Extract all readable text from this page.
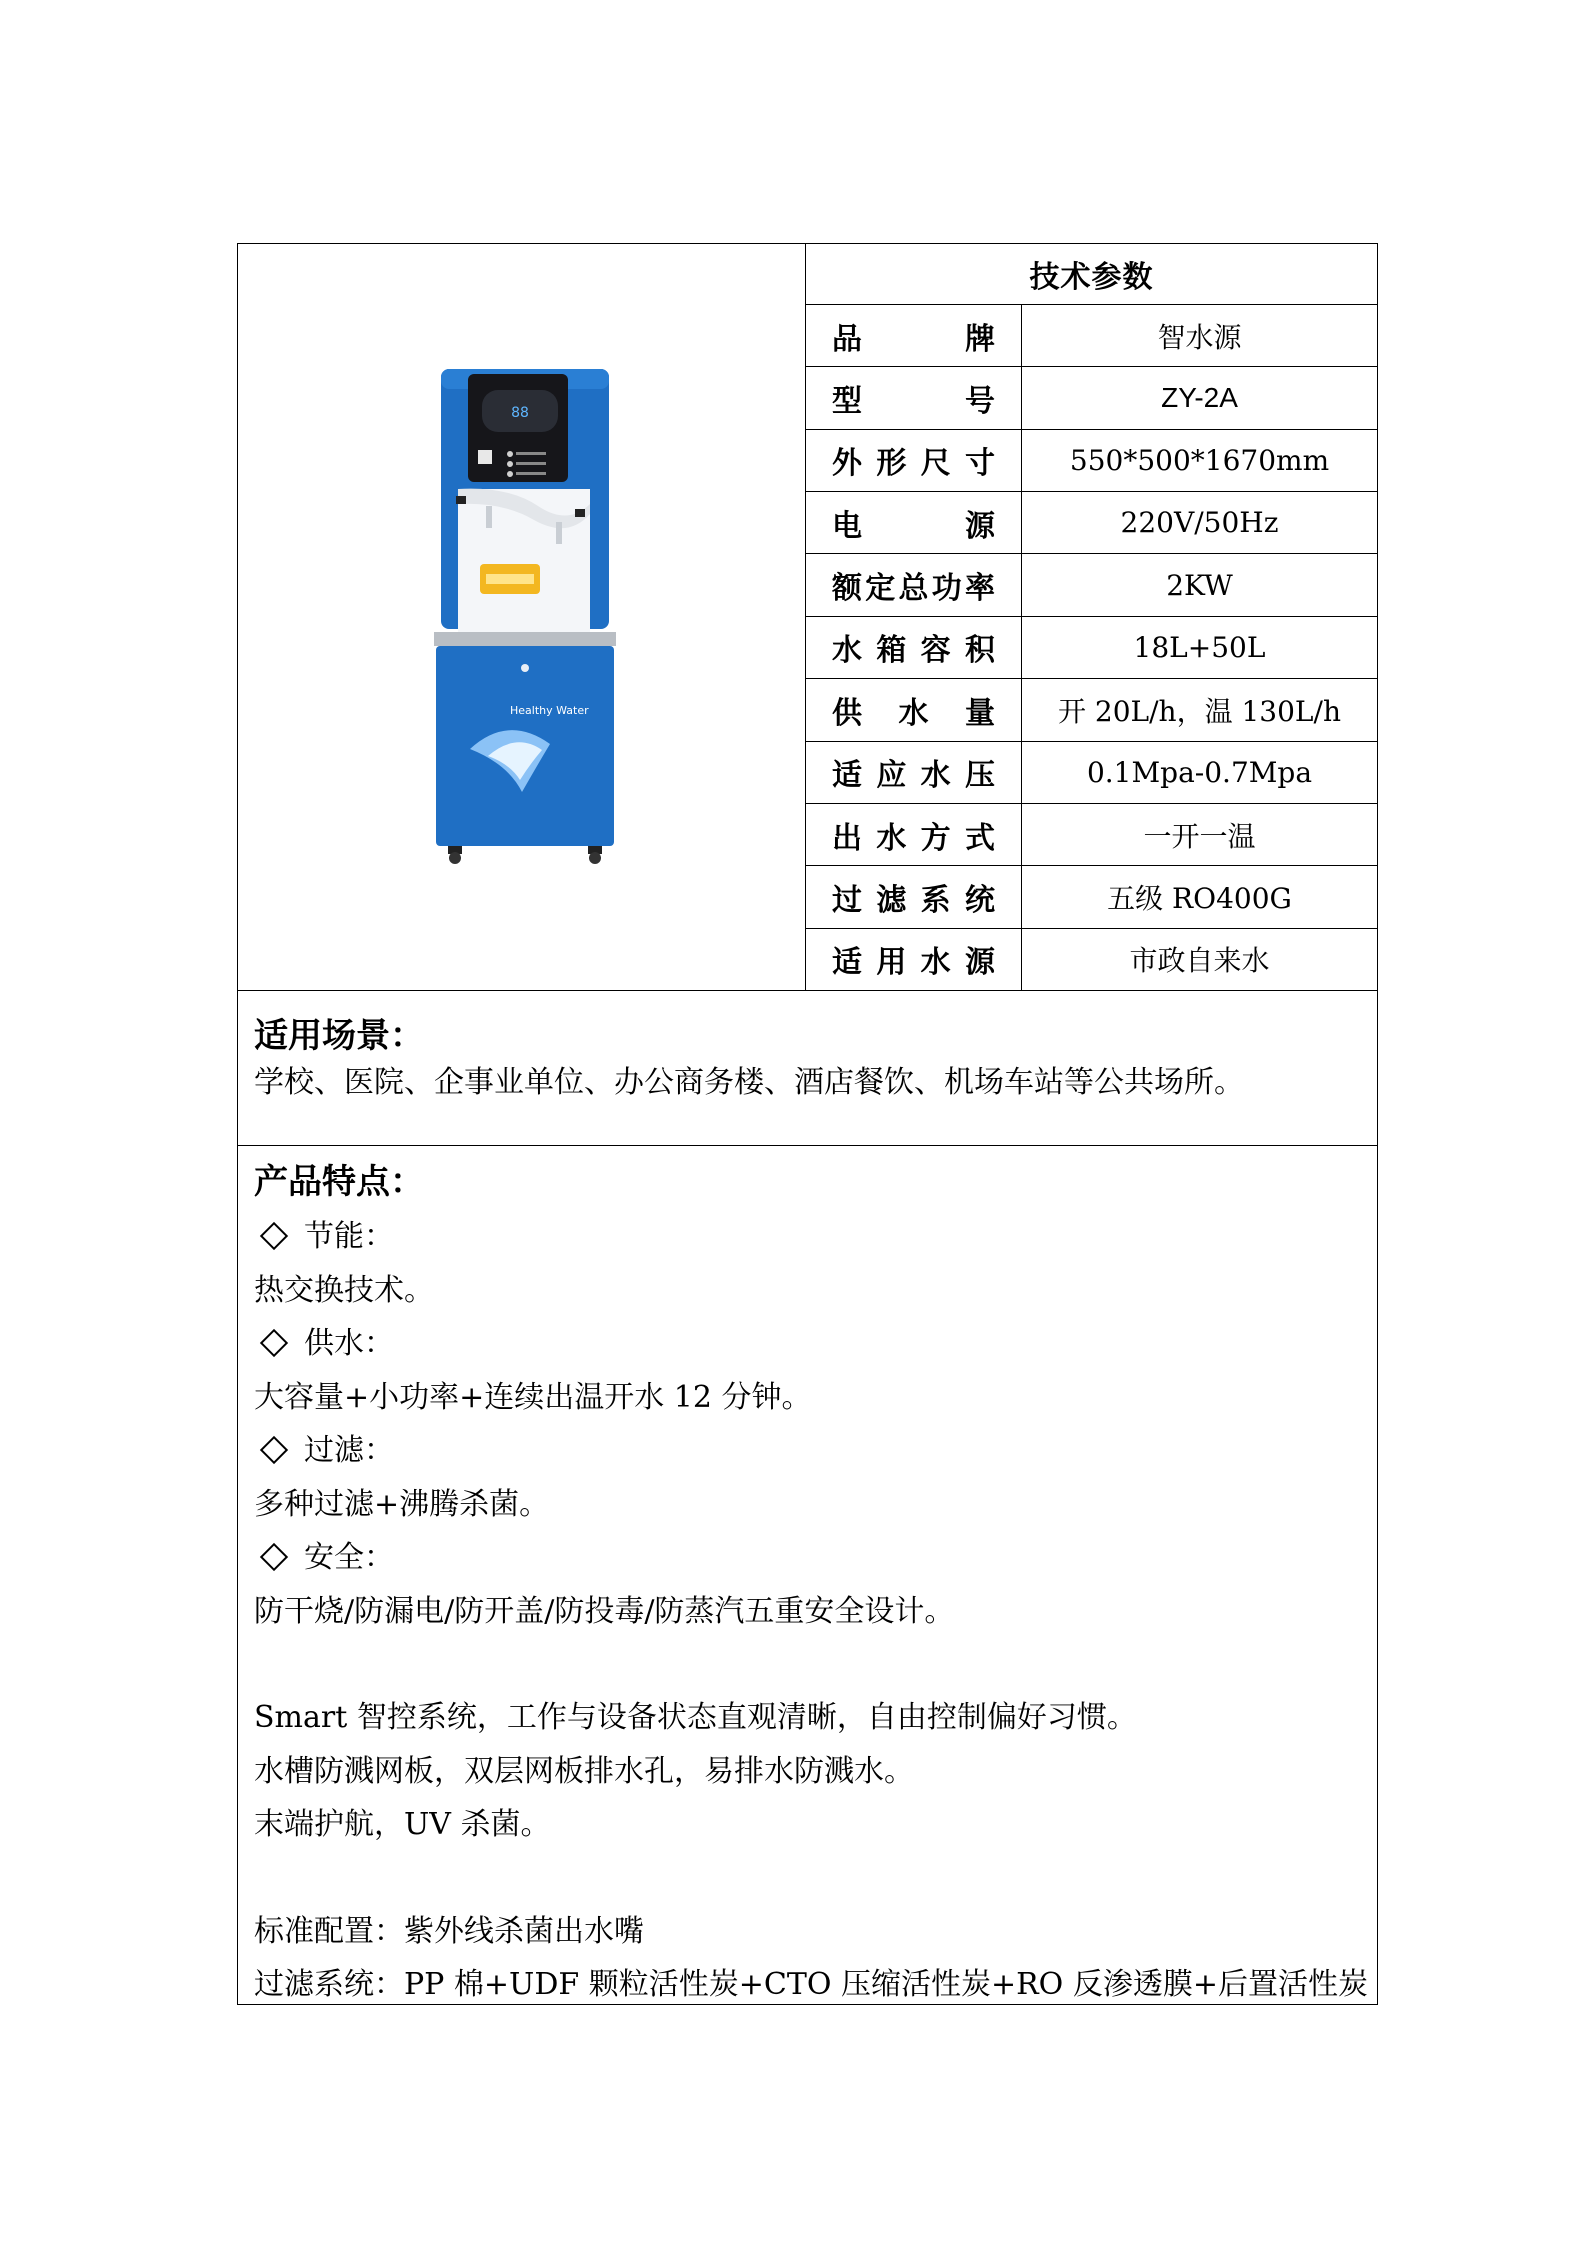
88
Healthy Water
技术参数
品　　牌	智水源
型　　号	ZY-2A
外形尺寸	550*500*1670mm
电　　源	220V/50Hz
额定总功率	2KW
水箱容积	18L+50L
供　水　量	开 20L/h，温 130L/h
适应水压	0.1Mpa-0.7Mpa
出水方式	一开一温
过滤系统	五级 RO400G
适用水源	市政自来水
适用场景：
学校、医院、企事业单位、办公商务楼、酒店餐饮、机场车站等公共场所。
产品特点：
节能：
热交换技术。
供水：
大容量+小功率+连续出温开水 12 分钟。
过滤：
多种过滤+沸腾杀菌。
安全：
防干烧/防漏电/防开盖/防投毒/防蒸汽五重安全设计。
Smart 智控系统，工作与设备状态直观清晰，自由控制偏好习惯。
水槽防溅网板，双层网板排水孔，易排水防溅水。
末端护航，UV 杀菌。
标准配置：紫外线杀菌出水嘴
过滤系统：PP 棉+UDF 颗粒活性炭+CTO 压缩活性炭+RO 反渗透膜+后置活性炭
